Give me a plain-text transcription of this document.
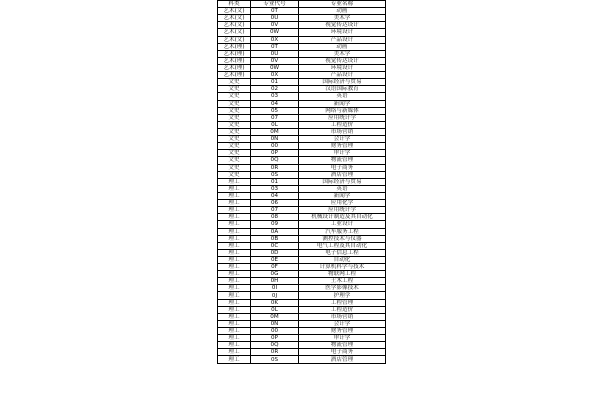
科类	专业代号	专业名称
艺术(文)	0T	动画
艺术(文)	0U	美术学
艺术(文)	0V	视觉传达设计
艺术(文)	0W	环境设计
艺术(文)	0X	产品设计
艺术(理)	0T	动画
艺术(理)	0U	美术学
艺术(理)	0V	视觉传达设计
艺术(理)	0W	环境设计
艺术(理)	0X	产品设计
文史	01	国际经济与贸易
文史	02	汉语国际教育
文史	03	英语
文史	04	新闻学
文史	05	网络与新媒体
文史	07	应用统计学
文史	0L	工程造价
文史	0M	市场营销
文史	0N	会计学
文史	00	财务管理
文史	0P	审计学
文史	0Q	物流管理
文史	0R	电子商务
文史	0S	酒店管理
理工	01	国际经济与贸易
理工	03	英语
理工	04	新闻学
理工	06	应用化学
理工	07	应用统计学
理工	08	机械设计制造及其自动化
理工	09	工业设计
理工	0A	汽车服务工程
理工	0B	测控技术与仪器
理工	0C	电气工程及其自动化
理工	0D	电子信息工程
理工	0E	自动化
理工	0F	计算机科学与技术
理工	0G	物联网工程
理工	0H	土木工程
理工	0I	医学影像技术
理工	0J	护理学
理工	0K	工程管理
理工	0L	工程造价
理工	0M	市场营销
理工	0N	会计学
理工	00	财务管理
理工	0P	审计学
理工	0Q	物流管理
理工	0R	电子商务
理工	0S	酒店管理
